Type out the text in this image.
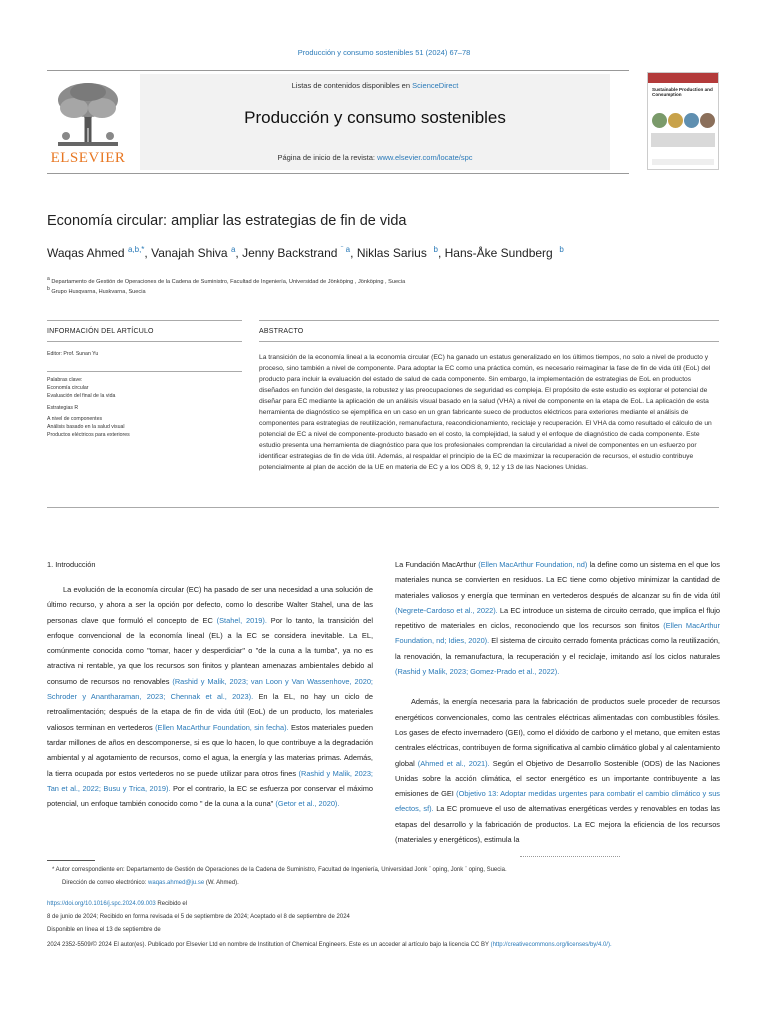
Producción y consumo sostenibles 51 (2024) 67–78
ELSEVIER
Listas de contenidos disponibles en ScienceDirect
Producción y consumo sostenibles
Página de inicio de la revista: www.elsevier.com/locate/spc
Sustainable Production and Consumption
Economía circular: ampliar las estrategias de fin de vida
Waqas Ahmed $^{a,b,*}$, Vanajah Shiva $^a$, Jenny Backstrand $^{¨ a}$, Niklas Sarius $^b$, Hans-Åke Sundberg $^b$
$^a$ Departamento de Gestión de Operaciones de la Cadena de Suministro, Facultad de Ingeniería, Universidad de Jönköping , Jönköping , Suecia
$^b$ Grupo Husqvarna, Huskvarna, Suecia
INFORMACIÓN DEL ARTÍCULO
Editor: Prof. Sunan Yu
Palabras clave:
Economía circular
Evaluación del final de la vida
Estrategias R
A nivel de componentes
Análisis basado en la salud visual
Productos eléctricos para exteriores
ABSTRACTO
La transición de la economía lineal a la economía circular (EC) ha ganado un estatus generalizado en los últimos tiempos, no solo a nivel de producto y proceso, sino también a nivel de componente. Para adoptar la EC como una práctica común, es necesario reimaginar la fase de fin de vida útil (EoL) del producto para incluir la evaluación del estado de salud de cada componente. Sin embargo, la implementación de estrategias de EoL en productos diseñados en función del desgaste, la robustez y las preocupaciones de seguridad es compleja. El propósito de este estudio es explorar el potencial de diseñar para EC mediante la aplicación de un análisis visual basado en la salud (VHA) a nivel de componente en la etapa de EoL. La aplicación de esta herramienta de diagnóstico se ejemplifica en un caso en un gran fabricante sueco de productos eléctricos para exteriores mediante el análisis de componentes para estrategias de reutilización, remanufactura, reacondicionamiento, reciclaje y recuperación. El VHA da como resultado el cálculo de un potencial de EC a nivel de componente-producto basado en el costo, la complejidad, la salud y el enfoque de diagnóstico de cada componente. Este estudio presenta una herramienta de diagnóstico para que los profesionales comprendan la circularidad a nivel de componentes en un esfuerzo por identificar estrategias de fin de vida útil. Además, al respaldar el principio de la EC de maximizar la recuperación de recursos, el estudio contribuye potencialmente al plan de acción de la UE en materia de EC y a los ODS 8, 9, 12 y 13 de las Naciones Unidas.
1. Introducción

La evolución de la economía circular (EC) ha pasado de ser una necesidad a una solución de último recurso, y ahora a ser la opción por defecto, como lo describe Walter Stahel, una de las personas clave que formuló el concepto de EC (Stahel, 2019). Por lo tanto, la transición del enfoque convencional de la economía lineal (EL) a la EC se considera inevitable. La EL, comúnmente conocida como "tomar, hacer y desperdiciar" o "de la cuna a la tumba", ya no es atractiva ni rentable, ya que los recursos son finitos y plantean amenazas ambientales debido al consumo de recursos no renovables (Rashid y Malik, 2023; van Loon y Van Wassenhove, 2020; Schroder y Anantharaman, 2023; Chennak et al., 2023). En la EL, no hay un ciclo de retroalimentación; después de la etapa de fin de vida útil (EoL) de un producto, los materiales valiosos terminan en vertederos (Ellen MacArthur Foundation, sin fecha). Estos materiales pueden tardar millones de años en descomponerse, si es que lo hacen, lo que contribuye a la degradación ambiental y al agotamiento de recursos, como el agua, la energía y las materias primas. Además, la tierra ocupada por estos vertederos no se puede utilizar para otros fines (Rashid y Malik, 2023; Tan et al., 2022; Busu y Trica, 2019). Por el contrario, la EC se esfuerza por conservar el máximo potencial, un enfoque también conocido como " de la cuna a la cuna" (Getor et al., 2020).

La Fundación MacArthur (Ellen MacArthur Foundation, nd) la define como un sistema en el que los materiales nunca se convierten en residuos. La EC tiene como objetivo minimizar la cantidad de materiales valiosos y energía que terminan en vertederos después de alcanzar su fin de vida útil (Negrete-Cardoso et al., 2022). La EC introduce un sistema de circuito cerrado, que implica el flujo repetitivo de materiales en ciclos, reconociendo que los recursos son finitos (Ellen MacArthur Foundation, nd; Idies, 2020). El sistema de circuito cerrado fomenta prácticas como la reutilización, la renovación, la remanufactura, la recuperación y el reciclaje, imitando así los ciclos naturales (Rashid y Malik, 2023; Gomez-Prado et al., 2022).

Además, la energía necesaria para la fabricación de productos suele proceder de recursos energéticos convencionales, como las centrales eléctricas alimentadas con combustibles fósiles. Los gases de efecto invernadero (GEI), como el dióxido de carbono y el metano, que emiten estas centrales eléctricas, contribuyen de forma significativa al cambio climático global y al calentamiento global (Ahmed et al., 2021). Según el Objetivo de Desarrollo Sostenible (ODS) de las Naciones Unidas sobre la acción climática, el sector energético es un importante contribuyente a las emisiones de GEI (Objetivo 13: Adoptar medidas urgentes para combatir el cambio climático y sus efectos, sf). La EC promueve el uso de alternativas energéticas verdes y renovables en todas las etapas del desarrollo y la fabricación de productos. La EC mejora la eficiencia de los recursos (materiales y energéticos), estimula la

* Autor correspondiente en: Departamento de Gestión de Operaciones de la Cadena de Suministro, Facultad de Ingeniería, Universidad Jonk ¨ oping, Jonk ¨ oping, Suecia.
Dirección de correo electrónico: waqas.ahmed@ju.se (W. Ahmed).
https://doi.org/10.1016/j.spc.2024.09.003 Recibido el
8 de junio de 2024; Recibido en forma revisada el 5 de septiembre de 2024; Aceptado el 8 de septiembre de 2024
Disponible en línea el 13 de septiembre de
2024 2352-5509/© 2024 El autor(es). Publicado por Elsevier Ltd en nombre de Institution of Chemical Engineers. Este es un acceder al artículo bajo la licencia CC BY (http://creativecommons.org/licenses/by/4.0/).
